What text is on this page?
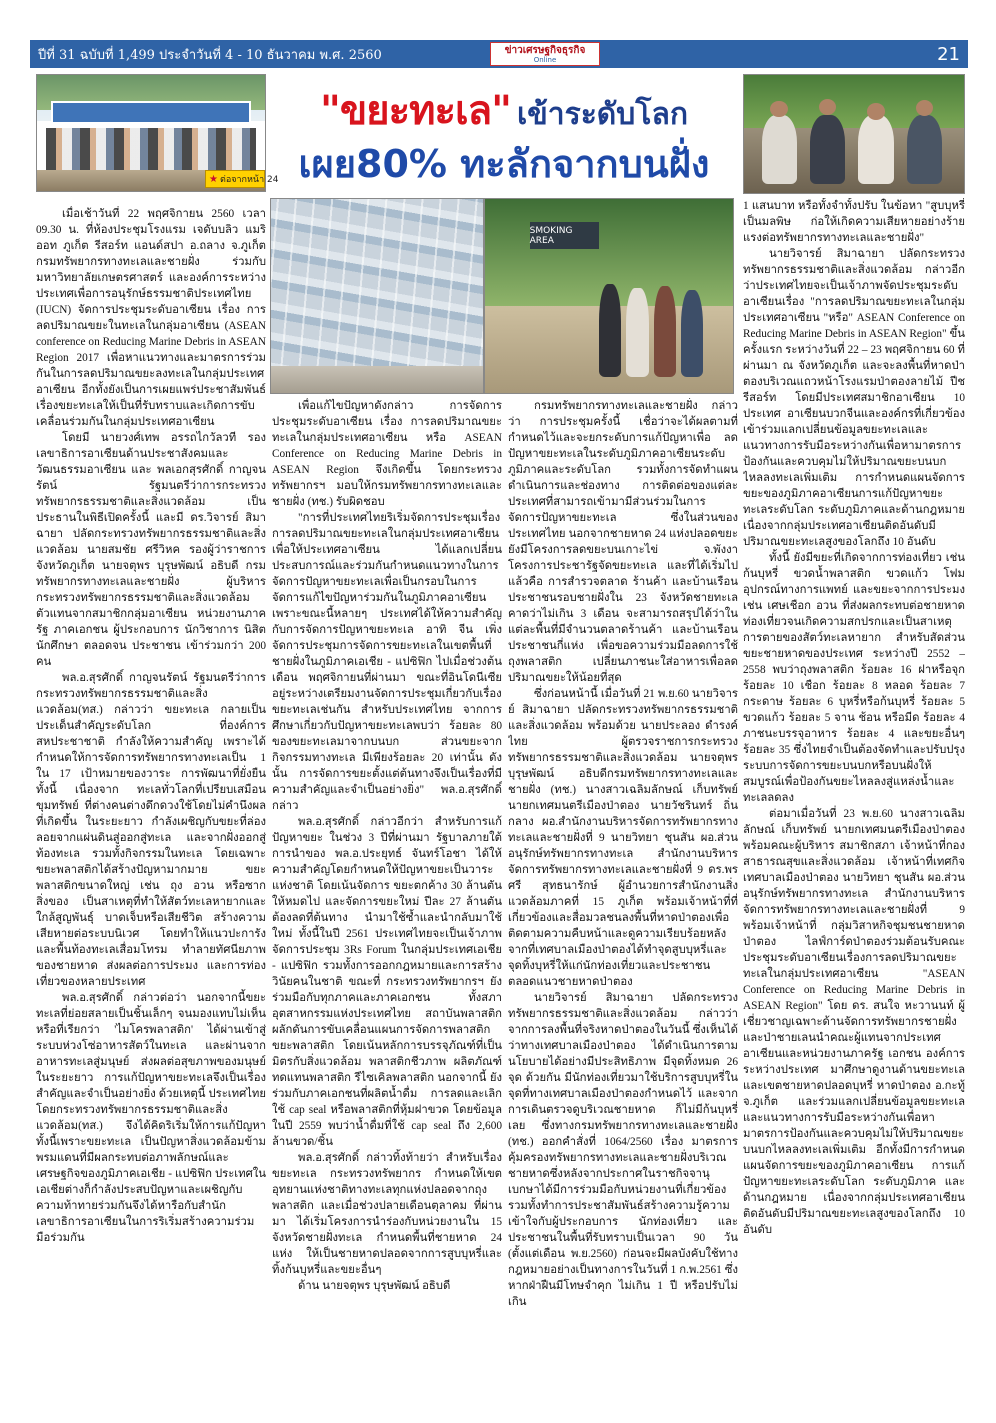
ปีที่ 31 ฉบับที่ 1,499 ประจำวันที่ 4 - 10 ธันวาคม พ.ศ. 2560	ข่าวเศรษฐกิจธุรกิจ
Online	21
★ ต่อจากหน้า 24
"ขยะทะเล" เข้าระดับโลก
เผย80% ทะลักจากบนฝั่ง
SMOKING AREA

เมื่อเช้าวันที่ 22 พฤศจิกายน 2560 เวลา 09.30 น. ที่ห้องประชุมโรงแรม เจดับบลิว แมริออท ภูเก็ต รีสอร์ท แอนด์สปา อ.ถลาง จ.ภูเก็ต กรมทรัพยากรทางทะเลและชายฝั่ง ร่วมกับมหาวิทยาลัยเกษตรศาสตร์ และองค์การระหว่างประเทศเพื่อการอนุรักษ์ธรรมชาติประเทศไทย (IUCN) จัดการประชุมระดับอาเซียน เรื่อง การลดปริมาณขยะในทะเลในกลุ่มอาเซียน (ASEAN conference on Reducing Marine Debris in ASEAN Region 2017 เพื่อหาแนวทางและมาตรการร่วมกันในการลดปริมาณขยะลงทะเลในกลุ่มประเทศอาเซียน อีกทั้งยังเป็นการเผยแพร่ประชาสัมพันธ์เรื่องขยะทะเลให้เป็นที่รับทราบและเกิดการขับเคลื่อนร่วมกันในกลุ่มประเทศอาเซียน

โดยมี นายวงศ์เทพ อรรถไกวัลวที รองเลขาธิการอาเซียนด้านประชาสังคมและวัฒนธรรมอาเซียน และ พลเอกสุรศักดิ์ กาญจนรัตน์ รัฐมนตรีว่าการกระทรวงทรัพยากรธรรมชาติและสิ่งแวดล้อม เป็นประธานในพิธีเปิดครั้งนี้ และมี ดร.วิจารย์ สิมาฉายา ปลัดกระทรวงทรัพยากรธรรมชาติและสิ่งแวดล้อม นายสมชัย ศรีวิหค รองผู้ว่าราชการจังหวัดภูเก็ต นายจตุพร บุรุษพัฒน์ อธิบดี กรมทรัพยากรทางทะเลและชายฝั่ง ผู้บริหารกระทรวงทรัพยากรธรรมชาติและสิ่งแวดล้อม ตัวแทนจากสมาชิกกลุ่มอาเซียน หน่วยงานภาครัฐ ภาคเอกชน ผู้ประกอบการ นักวิชาการ นิสิต นักศึกษา ตลอดจน ประชาชน เข้าร่วมกว่า 200 คน

พล.อ.สุรศักดิ์ กาญจนรัตน์ รัฐมนตรีว่าการกระทรวงทรัพยากรธรรมชาติและสิ่งแวดล้อม(ทส.) กล่าวว่า ขยะทะเล กลายเป็นประเด็นสำคัญระดับโลก ที่องค์การสหประชาชาติ กำลังให้ความสำคัญ เพราะได้กำหนดให้การจัดการทรัพยากรทางทะเลเป็น 1 ใน 17 เป้าหมายของวาระ การพัฒนาที่ยั่งยืน ทั้งนี้ เนื่องจาก ทะเลทั่วโลกที่เปรียบเสมือนขุมทรัพย์ ที่ต่างคนต่างดึกดวงใช้โดยไม่คำนึงผลที่เกิดขึ้น ในระยะยาว กำลังเผชิญกับขยะที่ล่องลอยจากแผ่นดินสู่ออกสู่ทะเล และจากฝั่งออกสู่ท้องทะเล รวมทั้งกิจกรรมในทะเล โดยเฉพาะขยะพลาสติกได้สร้างปัญหามากมาย ขยะพลาสติกขนาดใหญ่ เช่น ถุง อวน หรือซากสิ่งของ เป็นสาเหตุที่ทำให้สัตว์ทะเลหายากและใกล้สูญพันธุ์ บาดเจ็บหรือเสียชีวิต สร้างความเสียหายต่อระบบนิเวศ โดยทำให้แนวปะการังและพื้นท้องทะเลเสื่อมโทรม ทำลายทัศนียภาพของชายหาด ส่งผลต่อการประมง และการท่องเที่ยวของหลายประเทศ

พล.อ.สุรศักดิ์ กล่าวต่อว่า นอกจากนี้ขยะทะเลที่ย่อยสลายเป็นชิ้นเล็กๆ จนมองแทบไม่เห็นหรือที่เรียกว่า 'ไมโครพลาสติก' ได้ผ่านเข้าสู่ระบบห่วงโซ่อาหารสัตว์ในทะเล และผ่านจากอาหารทะเลสู่มนุษย์ ส่งผลต่อสุขภาพของมนุษย์ในระยะยาว การแก้ปัญหาขยะทะเลจึงเป็นเรื่องสำคัญและจำเป็นอย่างยิ่ง ด้วยเหตุนี้ ประเทศไทย โดยกระทรวงทรัพยากรธรรมชาติและสิ่งแวดล้อม(ทส.) จึงได้คิดริเริ่มให้การแก้ปัญหาทั้งนี้เพราะขยะทะเล เป็นปัญหาสิ่งแวดล้อมข้ามพรมแดนที่มีผลกระทบต่อภาพลักษณ์และเศรษฐกิจของภูมิภาคเอเชีย - แปซิฟิก ประเทศในเอเชียต่างก็กำลังประสบปัญหาและเผชิญกับความท้าทายร่วมกันจึงได้หารือกับสำนักเลขาธิการอาเซียนในการริเริ่มสร้างความร่วมมือร่วมกัน

เพื่อแก้ไขปัญหาดังกล่าว การจัดการประชุมระดับอาเซียน เรื่อง การลดปริมาณขยะทะเลในกลุ่มประเทศอาเซียน หรือ ASEAN Conference on Reducing Marine Debris in ASEAN Region จึงเกิดขึ้น โดยกระทรวงทรัพยากรฯ มอบให้กรมทรัพยากรทางทะเลและชายฝั่ง (ทช.) รับผิดชอบ

"การที่ประเทศไทยริเริ่มจัดการประชุมเรื่อง การลดปริมาณขยะทะเลในกลุ่มประเทศอาเซียน เพื่อให้ประเทศอาเซียน ได้แลกเปลี่ยนประสบการณ์และร่วมกันกำหนดแนวทางในการจัดการปัญหาขยะทะเลเพื่อเป็นกรอบในการจัดการแก้ไขปัญหาร่วมกันในภูมิภาคอาเซียน เพราะขณะนี้หลายๆ ประเทศได้ให้ความสำคัญกับการจัดการปัญหาขยะทะเล อาทิ จีน เพิ่งจัดการประชุมการจัดการขยะทะเลในเขตพื้นที่ชายฝั่งในภูมิภาคเอเชีย - แปซิฟิก ไปเมื่อช่วงต้นเดือน พฤศจิกายนที่ผ่านมา ขณะที่อินโดนีเซีย อยู่ระหว่างเตรียมงานจัดการประชุมเกี่ยวกับเรื่องขยะทะเลเช่นกัน สำหรับประเทศไทย จากการศึกษาเกี่ยวกับปัญหาขยะทะเลพบว่า ร้อยละ 80 ของขยะทะเลมาจากบนบก ส่วนขยะจากกิจกรรมทางทะเล มีเพียงร้อยละ 20 เท่านั้น ดังนั้น การจัดการขยะตั้งแต่ต้นทางจึงเป็นเรื่องที่มีความสำคัญและจำเป็นอย่างยิ่ง" พล.อ.สุรศักดิ์ กล่าว

พล.อ.สุรศักดิ์ กล่าวอีกว่า สำหรับการแก้ปัญหาขยะ ในช่วง 3 ปีที่ผ่านมา รัฐบาลภายใต้การนำของ พล.อ.ประยุทธ์ จันทร์โอชา ได้ให้ความสำคัญโดยกำหนดให้ปัญหาขยะเป็นวาระแห่งชาติ โดยเน้นจัดการ ขยะตกค้าง 30 ล้านตัน ให้หมดไป และจัดการขยะใหม่ ปีละ 27 ล้านตัน ต้องลดที่ต้นทาง นำมาใช้ซ้ำและนำกลับมาใช้ใหม่ ทั้งนี้ในปี 2561 ประเทศไทยจะเป็นเจ้าภาพจัดการประชุม 3Rs Forum ในกลุ่มประเทศเอเชีย - แปซิฟิก รวมทั้งการออกกฎหมายและการสร้างวินัยคนในชาติ ขณะที่ กระทรวงทรัพยากรฯ ยังร่วมมือกับทุกภาคและภาคเอกชน ทั้งสภาอุตสาหกรรมแห่งประเทศไทย สถาบันพลาสติก ผลักดันการขับเคลื่อนแผนการจัดการพลาสติก ขยะพลาสติก โดยเน้นหลักการบรรจุภัณฑ์ที่เป็นมิตรกับสิ่งแวดล้อม พลาสติกชีวภาพ ผลิตภัณฑ์ทดแทนพลาสติก รีไซเคิลพลาสติก นอกจากนี้ ยังร่วมกับภาคเอกชนที่ผลิตน้ำดื่ม การลดและเลิกใช้ cap seal หรือพลาสติกที่หุ้มฝาขวด โดยข้อมูลในปี 2559 พบว่าน้ำดื่มที่ใช้ cap seal ถึง 2,600 ล้านขวด/ชิ้น

พล.อ.สุรศักดิ์ กล่าวทิ้งท้ายว่า สำหรับเรื่องขยะทะเล กระทรวงทรัพยากร กำหนดให้เขตอุทยานแห่งชาติทางทะเลทุกแห่งปลอดจากถุงพลาสติก และเมื่อช่วงปลายเดือนตุลาคม ที่ผ่านมา ได้เริ่มโครงการนำร่องกับหน่วยงานใน 15 จังหวัดชายฝั่งทะเล กำหนดพื้นที่ชายหาด 24 แห่ง ให้เป็นชายหาดปลอดจากการสูบบุหรี่และทิ้งก้นบุหรี่และขยะอื่นๆ

ด้าน นายจตุพร บุรุษพัฒน์ อธิบดี

กรมทรัพยากรทางทะเลและชายฝั่ง กล่าวว่า การประชุมครั้งนี้ เชื่อว่าจะได้ผลตามที่กำหนดไว้และจะยกระดับการแก้ปัญหาเพื่อ ลดปัญหาขยะทะเลในระดับภูมิภาคอาเซียนระดับภูมิภาคและระดับโลก รวมทั้งการจัดทำแผนดำเนินการและช่องทาง การติดต่อของแต่ละประเทศที่สามารถเข้ามามีส่วนร่วมในการจัดการปัญหาขยะทะเล ซึ่งในส่วนของประเทศไทย นอกจากชายหาด 24 แห่งปลอดขยะยังมีโครงการลดขยะบนเกาะไข่ จ.พังงา โครงการประชารัฐจัดขยะทะเล และที่ได้เริ่มไปแล้วคือ การสำรวจตลาด ร้านค้า และบ้านเรือนประชาชนรอบชายฝั่งใน 23 จังหวัดชายทะเลคาดว่าไม่เกิน 3 เดือน จะสามารถสรุปได้ว่าในแต่ละพื้นที่มีจำนวนตลาดร้านค้า และบ้านเรือนประชาชนกี่แห่ง เพื่อขอความร่วมมือลดการใช้ถุงพลาสติก เปลี่ยนภาชนะใส่อาหารเพื่อลดปริมาณขยะให้น้อยที่สุด

ซึ่งก่อนหน้านี้ เมื่อวันที่ 21 พ.ย.60 นายวิจารย์ สิมาฉายา ปลัดกระทรวงทรัพยากรธรรมชาติและสิ่งแวดล้อม พร้อมด้วย นายประลอง ดำรงค์ไทย ผู้ตรวจราชการกระทรวงทรัพยากรธรรมชาติและสิ่งแวดล้อม นายจตุพร บุรุษพัฒน์ อธิบดีกรมทรัพยากรทางทะเลและชายฝั่ง (ทช.) นางสาวเฉลิมลักษณ์ เก็บทรัพย์ นายกเทศมนตรีเมืองป่าตอง นายวัชรินทร์ ถิ่นกลาง ผอ.สำนักงานบริหารจัดการทรัพยากรทางทะเลและชายฝั่งที่ 9 นายวิทยา ชุนสัน ผอ.ส่วนอนุรักษ์ทรัพยากรทางทะเล สำนักงานบริหารจัดการทรัพยากรทางทะเลและชายฝั่งที่ 9 ดร.พรศรี สุทธนารักษ์ ผู้อำนวยการสำนักงานสิ่งแวดล้อมภาคที่ 15 ภูเก็ต พร้อมเจ้าหน้าที่ที่เกี่ยวข้องและสื่อมวลชนลงพื้นที่หาดป่าตองเพื่อติดตามความคืบหน้าและดูความเรียบร้อยหลังจากที่เทศบาลเมืองป่าตองได้ทำจุดสูบบุหรี่และจุดทิ้งบุหรี่ให้แก่นักท่องเที่ยวและประชาชน ตลอดแนวชายหาดป่าตอง

นายวิจารย์ สิมาฉายา ปลัดกระทรวงทรัพยากรธรรมชาติและสิ่งแวดล้อม กล่าวว่าจากการลงพื้นที่จริงหาดป่าตองในวันนี้ ซึ่งเห็นได้ว่าทางเทศบาลเมืองป่าตอง ได้ดำเนินการตามนโยบายได้อย่างมีประสิทธิภาพ มีจุดทิ้งหมด 26 จุด ด้วยกัน มีนักท่องเที่ยวมาใช้บริการสูบบุหรี่ในจุดที่ทางเทศบาลเมืองป่าตองกำหนดไว้ และจากการเดินตรวจดูบริเวณชายหาด ก็ไม่มีก้นบุหรี่เลย ซึ่งทางกรมทรัพยากรทางทะเลและชายฝั่ง (ทช.) ออกคำสั่งที่ 1064/2560 เรื่อง มาตรการคุ้มครองทรัพยากรทางทะเลและชายฝั่งบริเวณชายหาดซึ่งหลังจากประกาศในราชกิจจานุเบกษาได้มีการร่วมมือกับหน่วยงานที่เกี่ยวข้องรวมทั้งทำการประชาสัมพันธ์สร้างความรู้ความเข้าใจกับผู้ประกอบการ นักท่องเที่ยว และประชาชนในพื้นที่รับทราบเป็นเวลา 90 วัน (ตั้งแต่เดือน พ.ย.2560) ก่อนจะมีผลบังคับใช้ทางกฎหมายอย่างเป็นทางการในวันที่ 1 ก.พ.2561 ซึ่งหากฝ่าฝืนมีโทษจำคุก ไม่เกิน 1 ปี หรือปรับไม่เกิน

1 แสนบาท หรือทั้งจำทั้งปรับ ในข้อหา "สูบบุหรี่เป็นมลพิษ ก่อให้เกิดความเสียหายอย่างร้ายแรงต่อทรัพยากรทางทะเลและชายฝั่ง"

นายวิจารย์ สิมาฉายา ปลัดกระทรวงทรัพยากรธรรมชาติและสิ่งแวดล้อม กล่าวอีกว่าประเทศไทยจะเป็นเจ้าภาพจัดประชุมระดับอาเซียนเรื่อง "การลดปริมาณขยะทะเลในกลุ่มประเทศอาเซียน "หรือ" ASEAN Conference on Reducing Marine Debris in ASEAN Region" ขึ้นครั้งแรก ระหว่างวันที่ 22 – 23 พฤศจิกายน 60 ที่ผ่านมา ณ จังหวัดภูเก็ต และจะลงพื้นที่หาดป่าตองบริเวณแถวหน้าโรงแรมป่าตองลายไม้ ปีช รีสอร์ท โดยมีประเทศสมาชิกอาเซียน 10 ประเทศ อาเซียนบวกจีนและองค์กรที่เกี่ยวข้องเข้าร่วมแลกเปลี่ยนข้อมูลขยะทะเลและแนวทางการรับมือระหว่างกันเพื่อหามาตรการป้องกันและควบคุมไม่ให้ปริมาณขยะบนบกไหลลงทะเลเพิ่มเติม การกำหนดแผนจัดการขยะของภูมิภาคอาเซียนการแก้ปัญหาขยะทะเลระดับโลก ระดับภูมิภาคและด้านกฎหมาย เนื่องจากกลุ่มประเทศอาเซียนติดอันดับมีปริมาณขยะทะเลสูงของโลกถึง 10 อันดับ

ทั้งนี้ ยังมีขยะที่เกิดจากการท่องเที่ยว เช่น ก้นบุหรี่ ขวดน้ำพลาสติก ขวดแก้ว โฟม อุปกรณ์ทางการแพทย์ และขยะจากการประมง เช่น เศษเชือก อวน ที่ส่งผลกระทบต่อชายหาดท่องเที่ยวจนเกิดความสกปรกและเป็นสาเหตุการตายของสัตว์ทะเลหายาก สำหรับสัดส่วนขยะชายหาดของประเทศ ระหว่างปี 2552 – 2558 พบว่าถุงพลาสติก ร้อยละ 16 ฝาหรือจุก ร้อยละ 10 เชือก ร้อยละ 8 หลอด ร้อยละ 7 กระดาษ ร้อยละ 6 บุหรี่หรือก้นบุหรี่ ร้อยละ 5 ขวดแก้ว ร้อยละ 5 จาน ช้อน หรือมีด ร้อยละ 4 ภาชนะบรรจุอาหาร ร้อยละ 4 และขยะอื่นๆ ร้อยละ 35 ซึ่งไทยจำเป็นต้องจัดทำและปรับปรุงระบบการจัดการขยะบนบกหรือบนฝั่งให้สมบูรณ์เพื่อป้องกันขยะไหลลงสู่แหล่งน้ำและทะเลลดลง

ต่อมาเมื่อวันที่ 23 พ.ย.60 นางสาวเฉลิมลักษณ์ เก็บทรัพย์ นายกเทศมนตรีเมืองป่าตอง พร้อมคณะผู้บริหาร สมาชิกสภา เจ้าหน้าที่กองสาธารณสุขและสิ่งแวดล้อม เจ้าหน้าที่เทศกิจเทศบาลเมืองป่าตอง นายวิทยา ชุนสัน ผอ.ส่วนอนุรักษ์ทรัพยากรทางทะเล สำนักงานบริหารจัดการทรัพยากรทางทะเลและชายฝั่งที่ 9 พร้อมเจ้าหน้าที่ กลุ่มวิสาหกิจชุมชนชายหาดป่าตอง ไลฟ์การ์ดป่าตองร่วมต้อนรับคณะประชุมระดับอาเซียนเรื่องการลดปริมาณขยะทะเลในกลุ่มประเทศอาเซียน "ASEAN Conference on Reducing Marine Debris in ASEAN Region" โดย ดร. สนใจ หะวานนท์ ผู้เชี่ยวชาญเฉพาะด้านจัดการทรัพยากรชายฝั่งและป่าชายเลนนำคณะผู้แทนจากประเทศอาเซียนและหน่วยงานภาครัฐ เอกชน องค์การระหว่างประเทศ มาศึกษาดูงานด้านขยะทะเลและเขตชายหาดปลอดบุหรี่ หาดป่าตอง อ.กะทู้ จ.ภูเก็ต และร่วมแลกเปลี่ยนข้อมูลขยะทะเลและแนวทางการรับมือระหว่างกันเพื่อหามาตรการป้องกันและควบคุมไม่ให้ปริมาณขยะบนบกไหลลงทะเลเพิ่มเติม อีกทั้งมีการกำหนดแผนจัดการขยะของภูมิภาคอาเซียน การแก้ปัญหาขยะทะเลระดับโลก ระดับภูมิภาค และด้านกฎหมาย เนื่องจากกลุ่มประเทศอาเซียนติดอันดับมีปริมาณขยะทะเลสูงของโลกถึง 10 อันดับ
